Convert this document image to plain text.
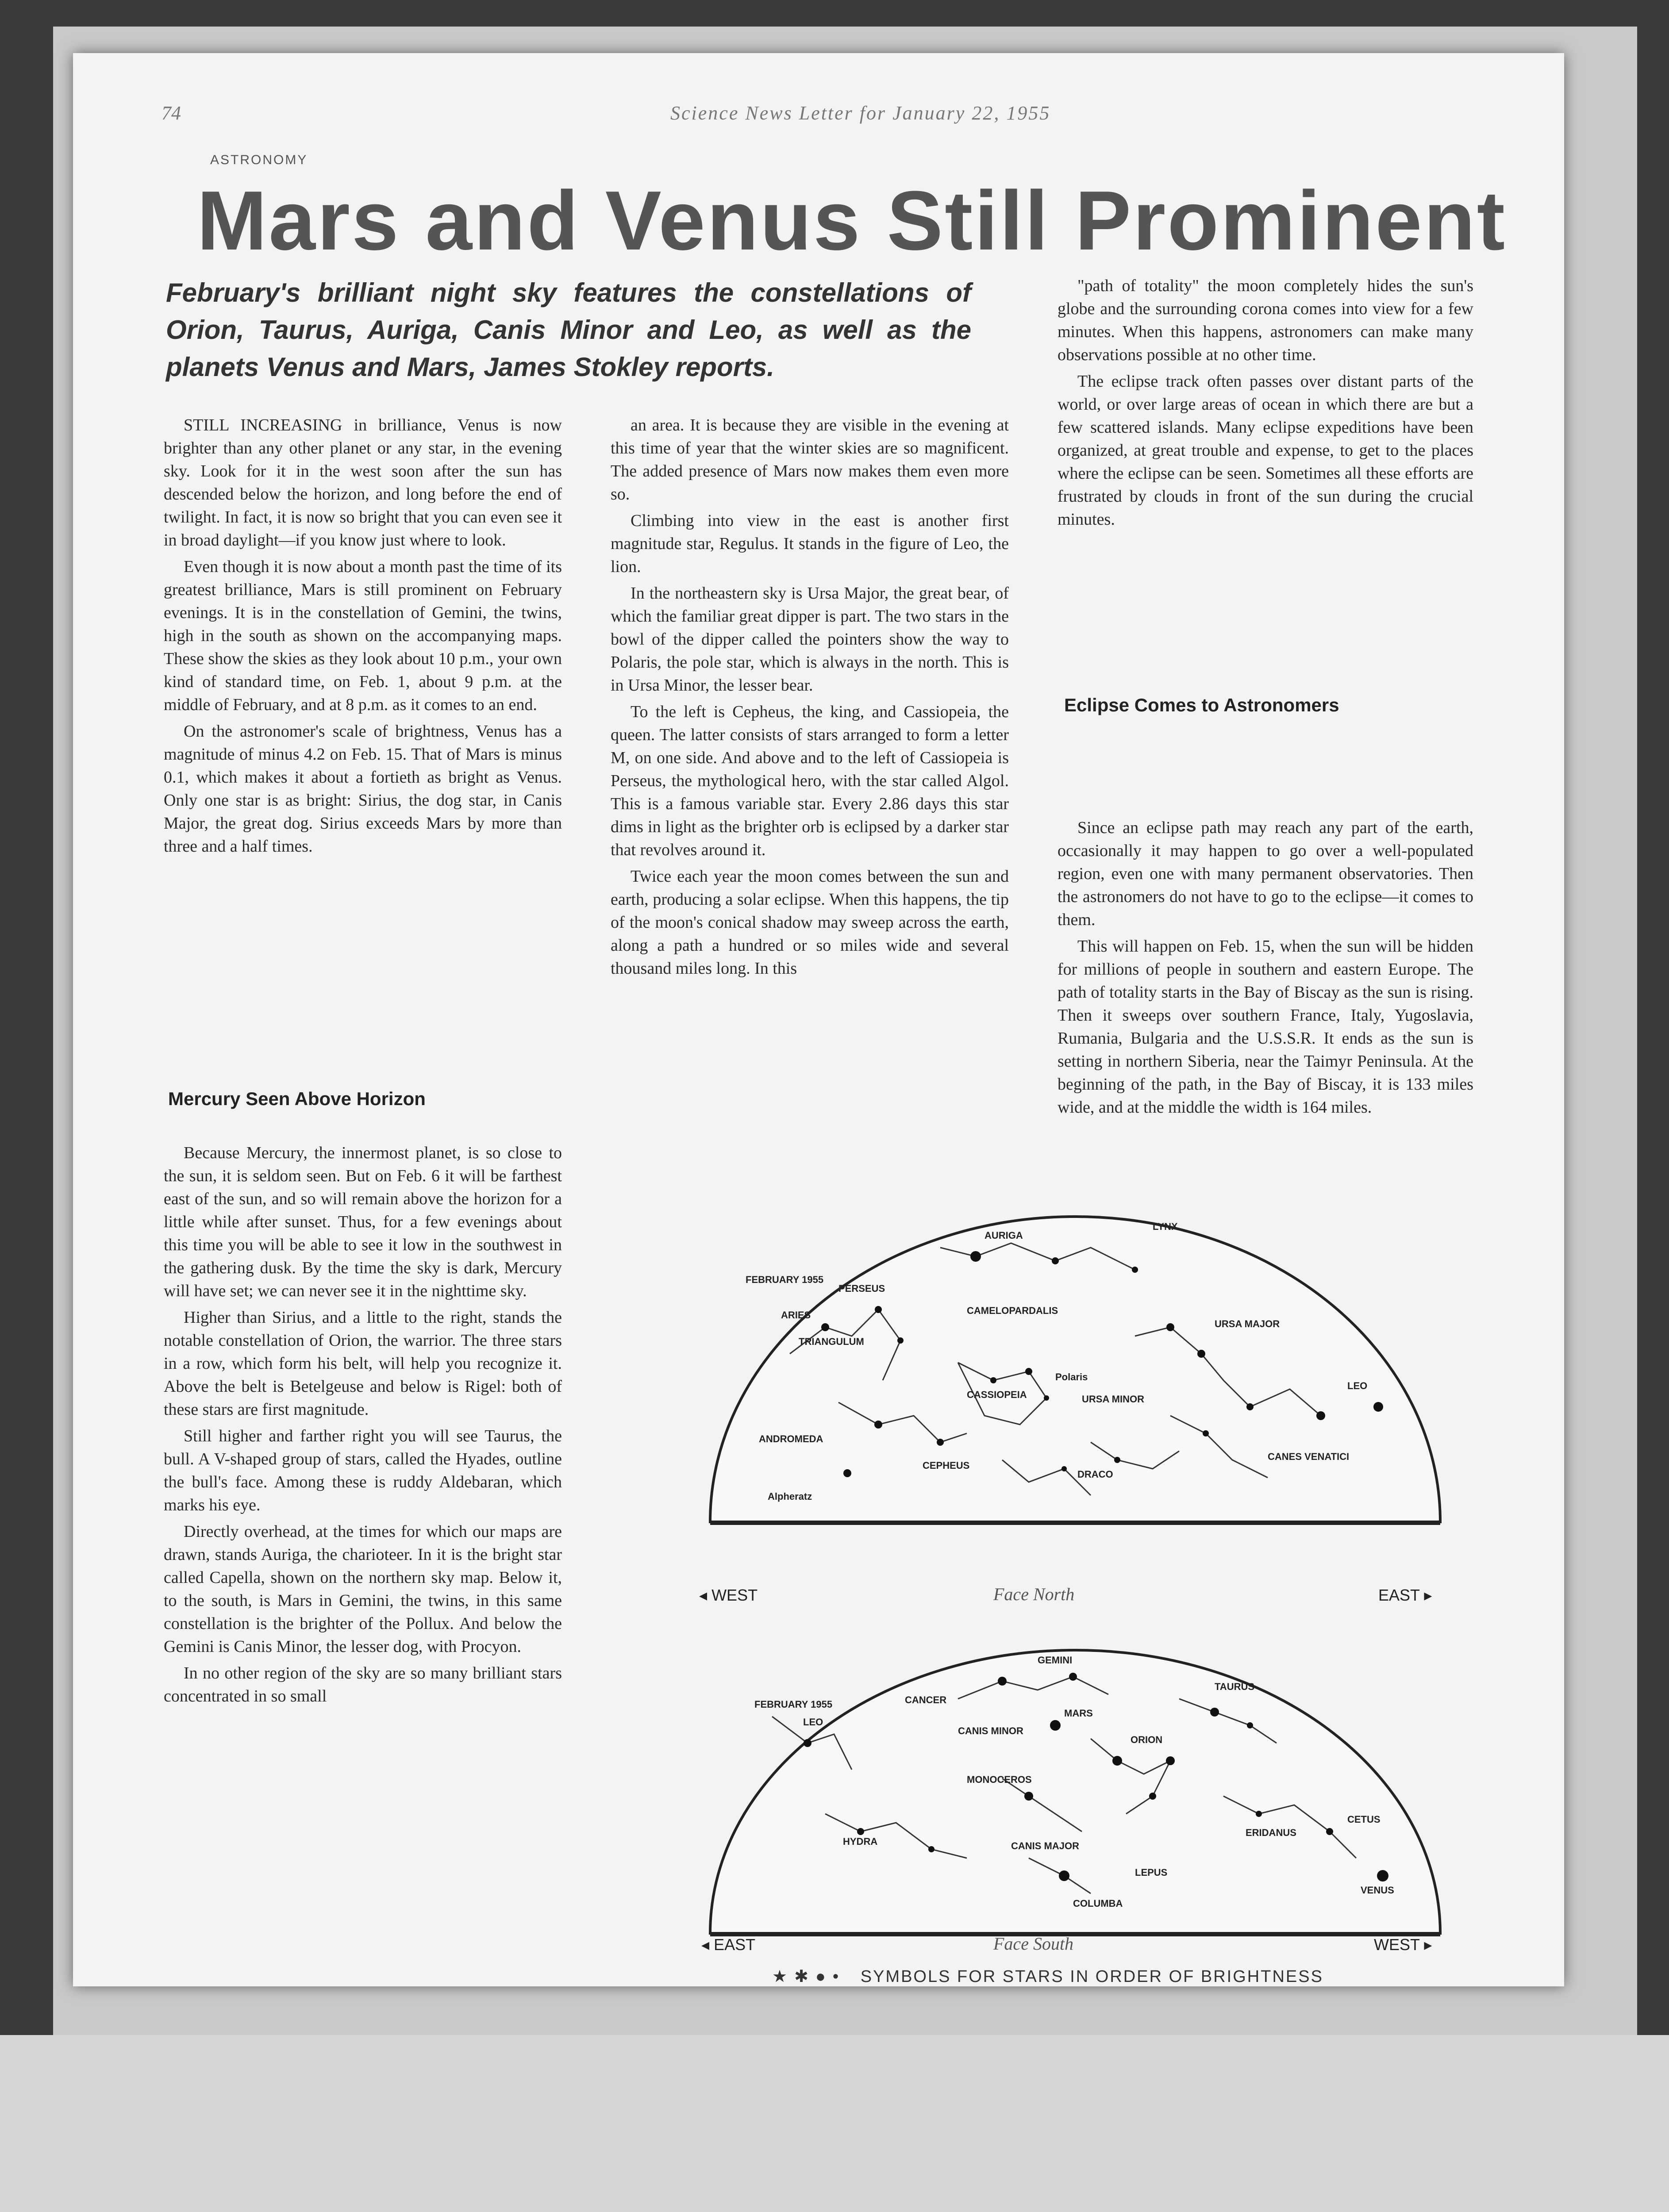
74	Science News Letter for January 22, 1955
ASTRONOMY
Mars and Venus Still Prominent
February's brilliant night sky features the constellations of Orion, Taurus, Auriga, Canis Minor and Leo, as well as the planets Venus and Mars, James Stokley reports.

STILL INCREASING in brilliance, Venus is now brighter than any other planet or any star, in the evening sky. Look for it in the west soon after the sun has descended below the horizon, and long before the end of twilight. In fact, it is now so bright that you can even see it in broad daylight—if you know just where to look.

Even though it is now about a month past the time of its greatest brilliance, Mars is still prominent on February evenings. It is in the constellation of Gemini, the twins, high in the south as shown on the accompanying maps. These show the skies as they look about 10 p.m., your own kind of standard time, on Feb. 1, about 9 p.m. at the middle of February, and at 8 p.m. as it comes to an end.

On the astronomer's scale of brightness, Venus has a magnitude of minus 4.2 on Feb. 15. That of Mars is minus 0.1, which makes it about a fortieth as bright as Venus. Only one star is as bright: Sirius, the dog star, in Canis Major, the great dog. Sirius exceeds Mars by more than three and a half times.

Mercury Seen Above Horizon

Because Mercury, the innermost planet, is so close to the sun, it is seldom seen. But on Feb. 6 it will be farthest east of the sun, and so will remain above the horizon for a little while after sunset. Thus, for a few evenings about this time you will be able to see it low in the southwest in the gathering dusk. By the time the sky is dark, Mercury will have set; we can never see it in the nighttime sky.

Higher than Sirius, and a little to the right, stands the notable constellation of Orion, the warrior. The three stars in a row, which form his belt, will help you recognize it. Above the belt is Betelgeuse and below is Rigel: both of these stars are first magnitude.

Still higher and farther right you will see Taurus, the bull. A V-shaped group of stars, called the Hyades, outline the bull's face. Among these is ruddy Aldebaran, which marks his eye.

Directly overhead, at the times for which our maps are drawn, stands Auriga, the charioteer. In it is the bright star called Capella, shown on the northern sky map. Below it, to the south, is Mars in Gemini, the twins, in this same constellation is the brighter of the Pollux. And below the Gemini is Canis Minor, the lesser dog, with Procyon.

In no other region of the sky are so many brilliant stars concentrated in so small

an area. It is because they are visible in the evening at this time of year that the winter skies are so magnificent. The added presence of Mars now makes them even more so.

Climbing into view in the east is another first magnitude star, Regulus. It stands in the figure of Leo, the lion.

In the northeastern sky is Ursa Major, the great bear, of which the familiar great dipper is part. The two stars in the bowl of the dipper called the pointers show the way to Polaris, the pole star, which is always in the north. This is in Ursa Minor, the lesser bear.

To the left is Cepheus, the king, and Cassiopeia, the queen. The latter consists of stars arranged to form a letter M, on one side. And above and to the left of Cassiopeia is Perseus, the mythological hero, with the star called Algol. This is a famous variable star. Every 2.86 days this star dims in light as the brighter orb is eclipsed by a darker star that revolves around it.

Twice each year the moon comes between the sun and earth, producing a solar eclipse. When this happens, the tip of the moon's conical shadow may sweep across the earth, along a path a hundred or so miles wide and several thousand miles long. In this

"path of totality" the moon completely hides the sun's globe and the surrounding corona comes into view for a few minutes. When this happens, astronomers can make many observations possible at no other time.

The eclipse track often passes over distant parts of the world, or over large areas of ocean in which there are but a few scattered islands. Many eclipse expeditions have been organized, at great trouble and expense, to get to the places where the eclipse can be seen. Sometimes all these efforts are frustrated by clouds in front of the sun during the crucial minutes.

Eclipse Comes to Astronomers

Since an eclipse path may reach any part of the earth, occasionally it may happen to go over a well-populated region, even one with many permanent observatories. Then the astronomers do not have to go to the eclipse—it comes to them.

This will happen on Feb. 15, when the sun will be hidden for millions of people in southern and eastern Europe. The path of totality starts in the Bay of Biscay as the sun is rising. Then it sweeps over southern France, Italy, Yugoslavia, Rumania, Bulgaria and the U.S.S.R. It ends as the sun is setting in northern Siberia, near the Taimyr Peninsula. At the beginning of the path, in the Bay of Biscay, it is 133 miles wide, and at the middle the width is 164 miles.

FEBRUARY 1955
AURIGA
LYNX
PERSEUS
CAMELOPARDALIS
URSA MAJOR
ARIES
TRIANGULUM
CASSIOPEIA	URSA MINOR
Polaris
ANDROMEDA
CEPHEUS
DRACO
CANES VENATICI
LEO
Alpheratz
◂ WEST	Face North	EAST ▸
FEBRUARY 1955
GEMINI
TAURUS
LEO
CANCER
CANIS MINOR
ORION
MONOCEROS
HYDRA
ERIDANUS
CETUS
CANIS MAJOR
LEPUS
COLUMBA
VENUS
MARS
◂ EAST	Face South	WEST ▸
★✱●• SYMBOLS FOR STARS IN ORDER OF BRIGHTNESS
